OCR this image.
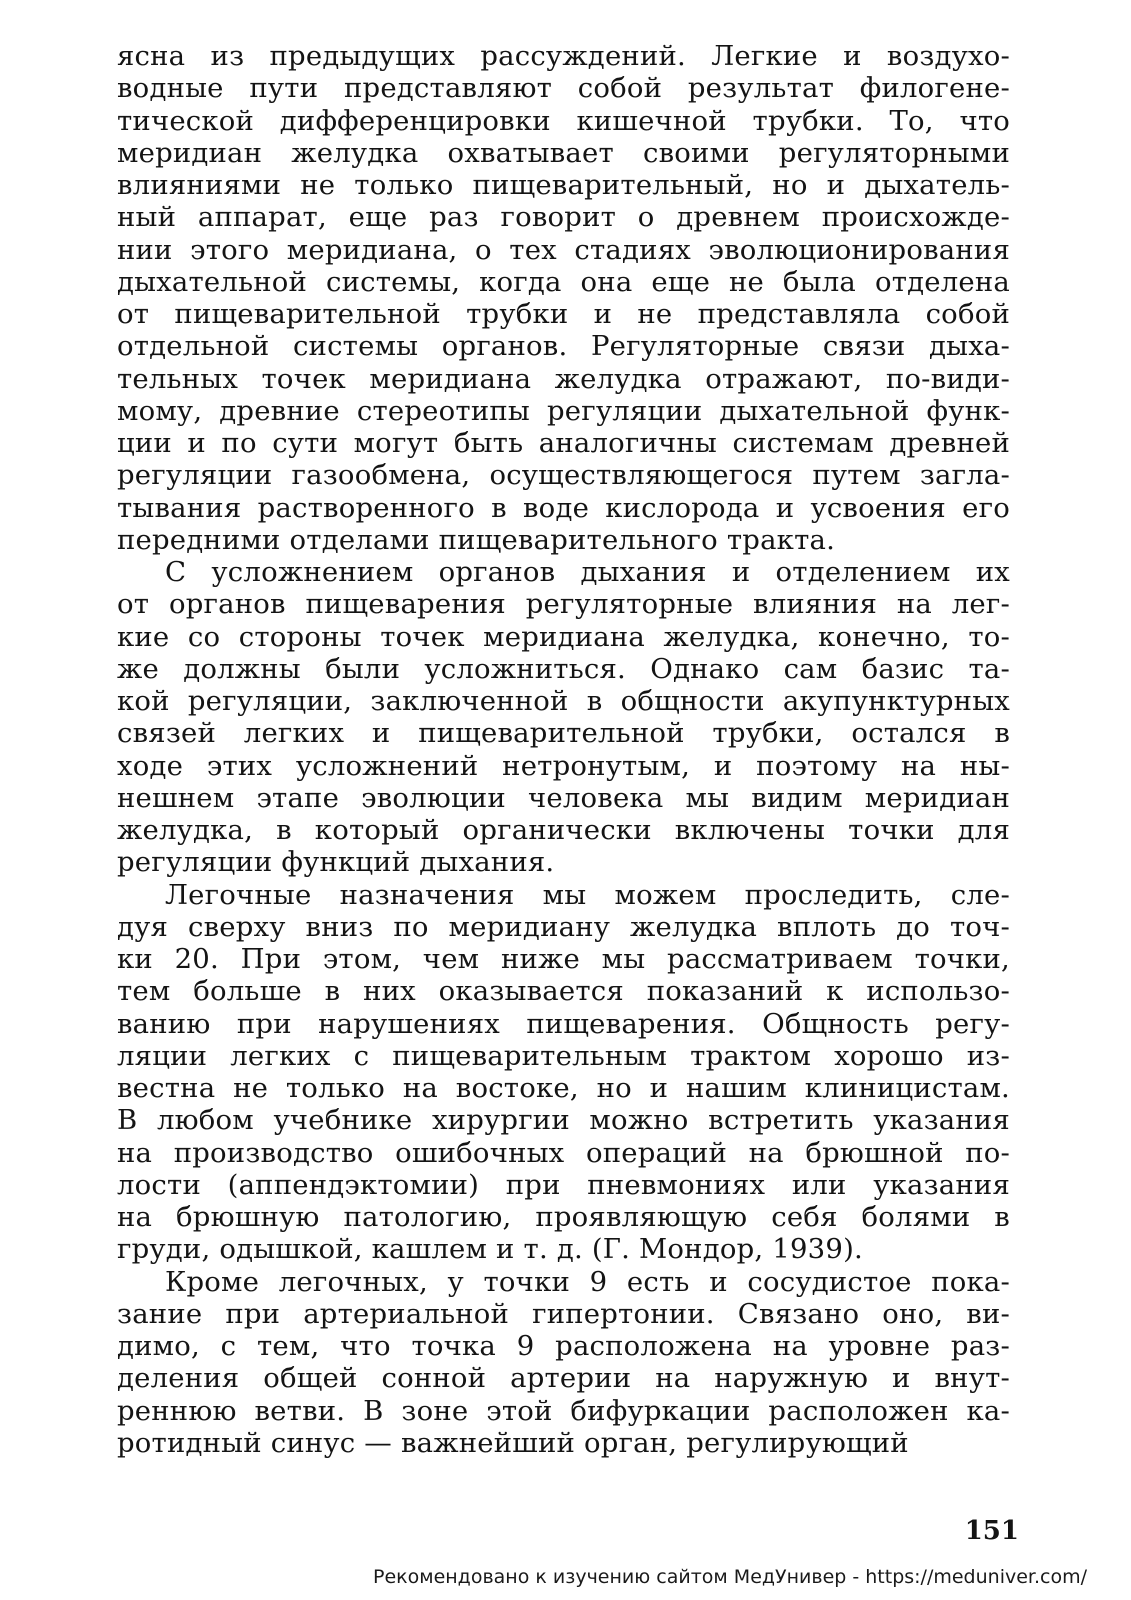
ясна из предыдущих рассуждений. Легкие и воздухо-
водные пути представляют собой результат филогене-
тической дифференцировки кишечной трубки. То, что
меридиан желудка охватывает своими регуляторными
влияниями не только пищеварительный, но и дыхатель-
ный аппарат, еще раз говорит о древнем происхожде-
нии этого меридиана, о тех стадиях эволюционирования
дыхательной системы, когда она еще не была отделена
от пищеварительной трубки и не представляла собой
отдельной системы органов. Регуляторные связи дыха-
тельных точек меридиана желудка отражают, по-види-
мому, древние стереотипы регуляции дыхательной функ-
ции и по сути могут быть аналогичны системам древней
регуляции газообмена, осуществляющегося путем загла-
тывания растворенного в воде кислорода и усвоения его
передними отделами пищеварительного тракта.
С усложнением органов дыхания и отделением их
от органов пищеварения регуляторные влияния на лег-
кие со стороны точек меридиана желудка, конечно, то-
же должны были усложниться. Однако сам базис та-
кой регуляции, заключенной в общности акупунктурных
связей легких и пищеварительной трубки, остался в
ходе этих усложнений нетронутым, и поэтому на ны-
нешнем этапе эволюции человека мы видим меридиан
желудка, в который органически включены точки для
регуляции функций дыхания.
Легочные назначения мы можем проследить, сле-
дуя сверху вниз по меридиану желудка вплоть до точ-
ки 20. При этом, чем ниже мы рассматриваем точки,
тем больше в них оказывается показаний к использо-
ванию при нарушениях пищеварения. Общность регу-
ляции легких с пищеварительным трактом хорошо из-
вестна не только на востоке, но и нашим клиницистам.
В любом учебнике хирургии можно встретить указания
на производство ошибочных операций на брюшной по-
лости (аппендэктомии) при пневмониях или указания
на брюшную патологию, проявляющую себя болями в
груди, одышкой, кашлем и т. д. (Г. Мондор, 1939).
Кроме легочных, у точки 9 есть и сосудистое пока-
зание при артериальной гипертонии. Связано оно, ви-
димо, с тем, что точка 9 расположена на уровне раз-
деления общей сонной артерии на наружную и внут-
реннюю ветви. В зоне этой бифуркации расположен ка-
ротидный синус — важнейший орган, регулирующий
151
Рекомендовано к изучению сайтом МедУнивер - https://meduniver.com/
